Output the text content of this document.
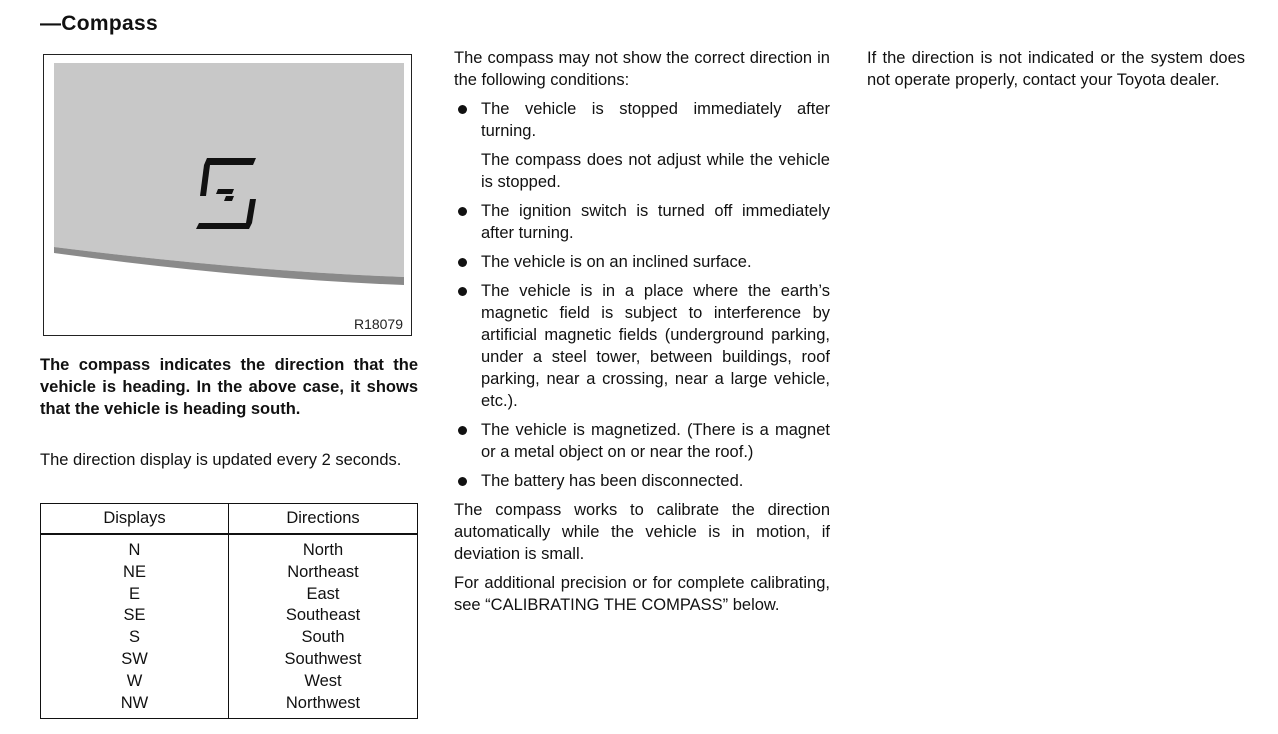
—Compass
R18079
The compass indicates the direction that the vehicle is heading. In the above case, it shows that the vehicle is heading south.
The direction display is updated every 2 seconds.
Displays	Directions
N
NE
E
SE
S
SW
W
NW
North
Northeast
East
Southeast
South
Southwest
West
Northwest

The compass may not show the correct direction in the following conditions:

The vehicle is stopped immediately after turning.
The compass does not adjust while the vehicle is stopped.
The ignition switch is turned off immediately after turning.
The vehicle is on an inclined surface.
The vehicle is in a place where the earth’s magnetic field is subject to interference by artificial magnetic fields (underground parking, under a steel tower, between buildings, roof parking, near a crossing, near a large vehicle, etc.).
The vehicle is magnetized. (There is a magnet or a metal object on or near the roof.)
The battery has been disconnected.

The compass works to calibrate the direction automatically while the vehicle is in motion, if deviation is small.

For additional precision or for complete calibrating, see “CALIBRATING THE COMPASS” below.

If the direction is not indicated or the system does not operate properly, contact your Toyota dealer.
